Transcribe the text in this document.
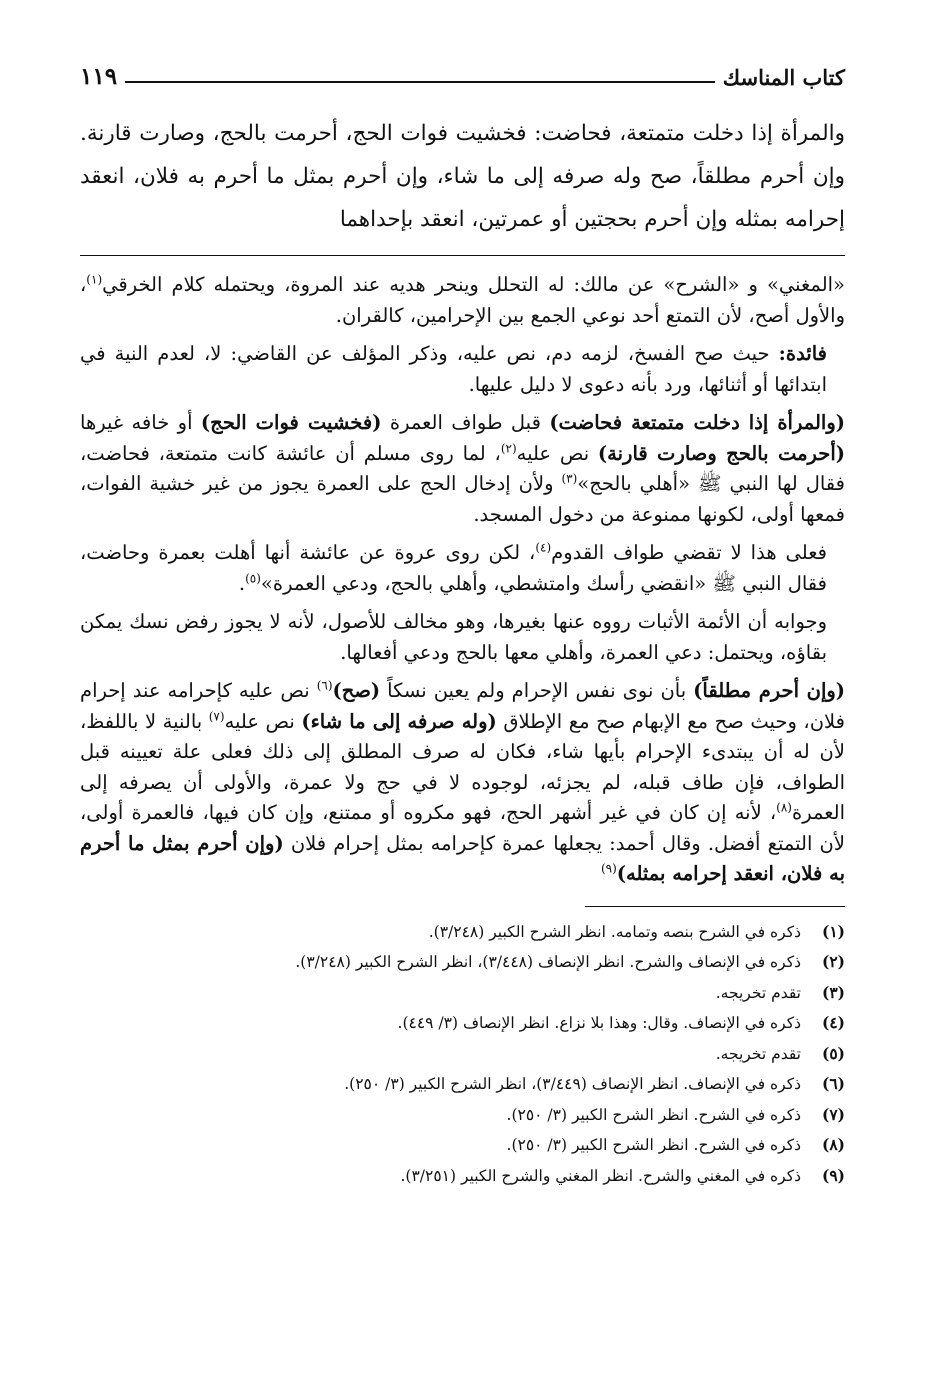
كتاب المناسك
١١٩
والمرأة إذا دخلت متمتعة، فحاضت: فخشيت فوات الحج، أحرمت بالحج، وصارت قارنة. وإن أحرم مطلقاً، صح وله صرفه إلى ما شاء، وإن أحرم بمثل ما أحرم به فلان، انعقد إحرامه بمثله وإن أحرم بحجتين أو عمرتين، انعقد بإحداهما

«المغني» و «الشرح» عن مالك: له التحلل وينحر هديه عند المروة، ويحتمله كلام الخرقي$^{(١)}$، والأول أصح، لأن التمتع أحد نوعي الجمع بين الإحرامين، كالقران.

فائدة: حيث صح الفسخ، لزمه دم، نص عليه، وذكر المؤلف عن القاضي: لا، لعدم النية في ابتدائها أو أثنائها، ورد بأنه دعوى لا دليل عليها.

(والمرأة إذا دخلت متمتعة فحاضت) قبل طواف العمرة (فخشيت فوات الحج) أو خافه غيرها (أحرمت بالحج وصارت قارنة) نص عليه$^{(٢)}$، لما روى مسلم أن عائشة كانت متمتعة، فحاضت، فقال لها النبي ﷺ «أهلي بالحج»$^{(٣)}$ ولأن إدخال الحج على العمرة يجوز من غير خشية الفوات، فمعها أولى، لكونها ممنوعة من دخول المسجد.

فعلى هذا لا تقضي طواف القدوم$^{(٤)}$، لكن روى عروة عن عائشة أنها أهلت بعمرة وحاضت، فقال النبي ﷺ «انقضي رأسك وامتشطي، وأهلي بالحج، ودعي العمرة»$^{(٥)}$.

وجوابه أن الأئمة الأثبات رووه عنها بغيرها، وهو مخالف للأصول، لأنه لا يجوز رفض نسك يمكن بقاؤه، ويحتمل: دعي العمرة، وأهلي معها بالحج ودعي أفعالها.

(وإن أحرم مطلقاً) بأن نوى نفس الإحرام ولم يعين نسكاً (صح)$^{(٦)}$ نص عليه كإحرامه عند إحرام فلان، وحيث صح مع الإبهام صح مع الإطلاق (وله صرفه إلى ما شاء) نص عليه$^{(٧)}$ بالنية لا باللفظ، لأن له أن يبتدىء الإحرام بأيها شاء، فكان له صرف المطلق إلى ذلك فعلى علة تعيينه قبل الطواف، فإن طاف قبله، لم يجزئه، لوجوده لا في حج ولا عمرة، والأولى أن يصرفه إلى العمرة$^{(٨)}$، لأنه إن كان في غير أشهر الحج، فهو مكروه أو ممتنع، وإن كان فيها، فالعمرة أولى، لأن التمتع أفضل. وقال أحمد: يجعلها عمرة كإحرامه بمثل إحرام فلان (وإن أحرم بمثل ما أحرم به فلان، انعقد إحرامه بمثله)$^{(٩)}$

(١)
ذكره في الشرح بنصه وتمامه. انظر الشرح الكبير (٣/٢٤٨).
(٢)
ذكره في الإنصاف والشرح. انظر الإنصاف (٣/٤٤٨)، انظر الشرح الكبير (٣/٢٤٨).
(٣)
تقدم تخريجه.
(٤)
ذكره في الإنصاف. وقال: وهذا بلا نزاع. انظر الإنصاف (٣/ ٤٤٩).
(٥)
تقدم تخريجه.
(٦)
ذكره في الإنصاف. انظر الإنصاف (٣/٤٤٩)، انظر الشرح الكبير (٣/ ٢٥٠).
(٧)
ذكره في الشرح. انظر الشرح الكبير (٣/ ٢٥٠).
(٨)
ذكره في الشرح. انظر الشرح الكبير (٣/ ٢٥٠).
(٩)
ذكره في المغني والشرح. انظر المغني والشرح الكبير (٣/٢٥١).
